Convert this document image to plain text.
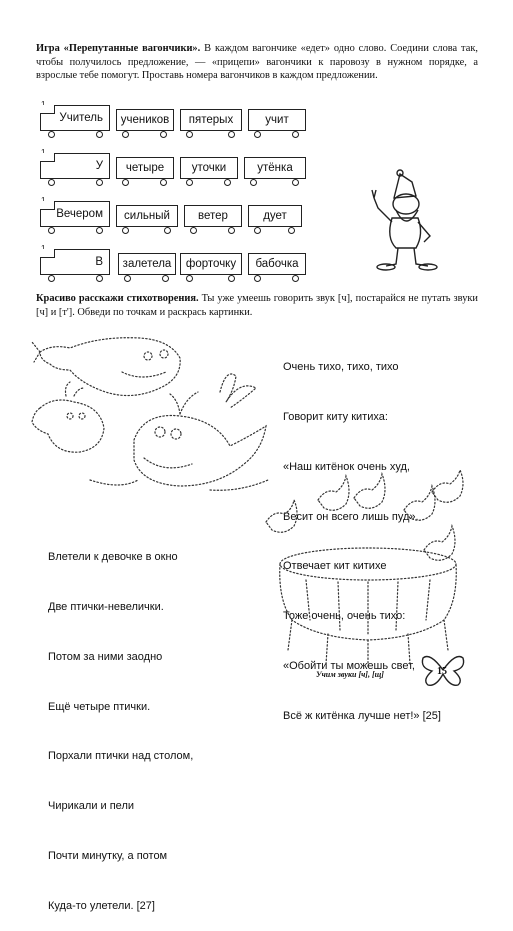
Игра «Перепутанные вагончики». В каждом вагончике «едет» одно слово. Соедини слова так, чтобы получилось предложение, — «прицепи» вагончики к паровозу в нужном порядке, а взрослые тебе помогут. Проставь номера вагончиков в каждом предложении.
Учитель учеников пятерых	учит
У четыре уточки	утёнка
Вечером сильный ветер	дует
В залетела форточку бабочка
Красиво расскажи стихотворения. Ты уже умеешь говорить звук [ч], постарайся не путать звуки [ч] и [т']. Обведи по точкам и раскрась картинки.

Очень тихо, тихо, тихо

Говорит киту китиха:

«Наш китёнок очень худ,

Весит он всего лишь пуд».

Отвечает кит китихе

Тоже очень, очень тихо:

«Обойти ты можешь свет,

Всё ж китёнка лучше нет!» [25]

Влетели к девочке в окно

Две птички-невелички.

Потом за ними заодно

Ещё четыре птички.

Порхали птички над столом,

Чирикали и пели

Почти минутку, а потом

Куда-то улетели. [27]

Учим звуки [ч], [щ]	15
